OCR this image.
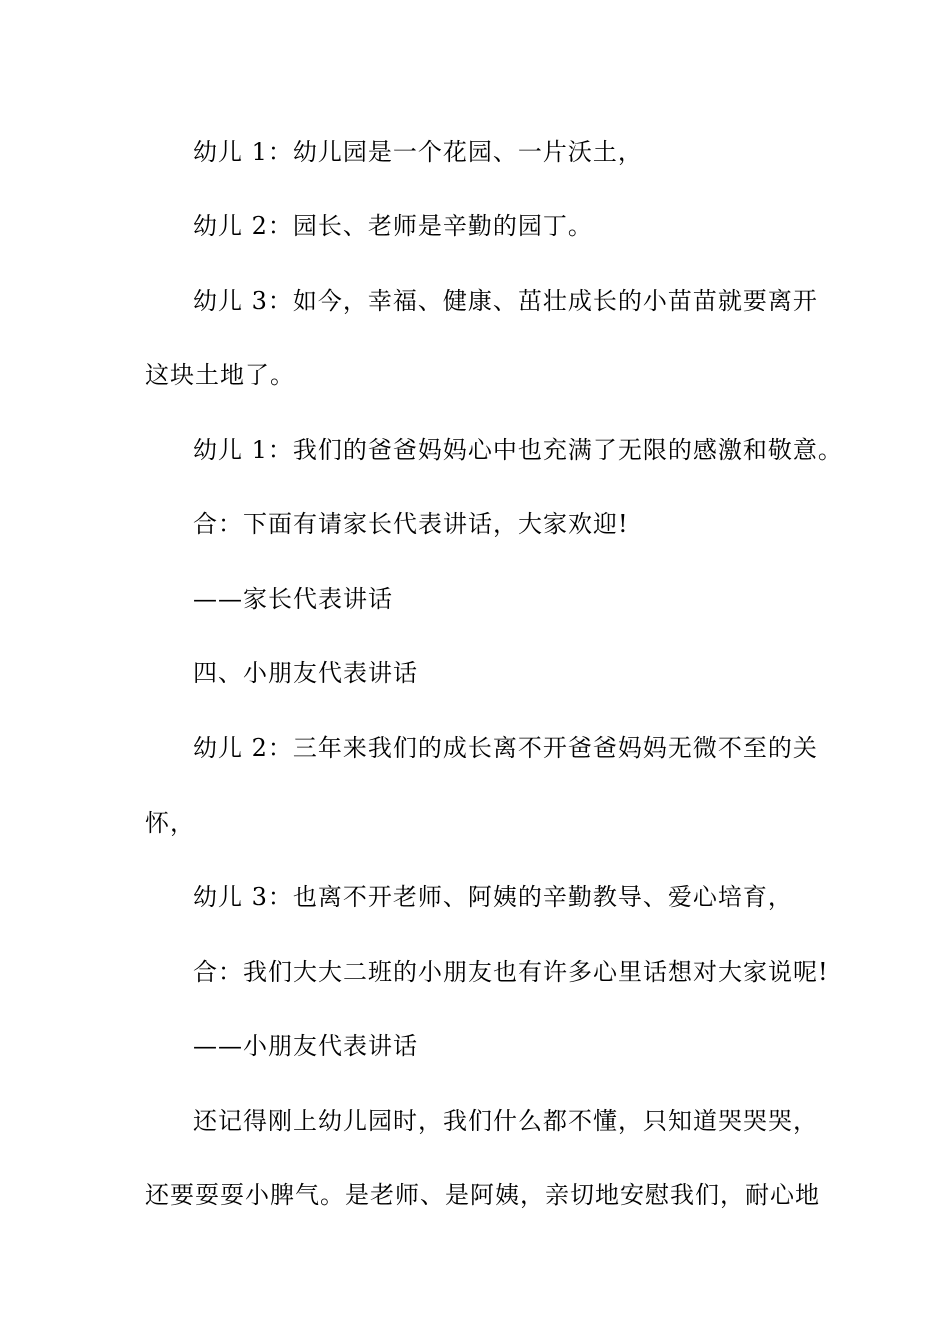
幼儿 1：幼儿园是一个花园、一片沃土，
幼儿 2：园长、老师是辛勤的园丁。
幼儿 3：如今，幸福、健康、茁壮成长的小苗苗就要离开
这块土地了。
幼儿 1：我们的爸爸妈妈心中也充满了无限的感激和敬意。
合：下面有请家长代表讲话，大家欢迎!
——家长代表讲话
四、小朋友代表讲话
幼儿 2：三年来我们的成长离不开爸爸妈妈无微不至的关
怀，
幼儿 3：也离不开老师、阿姨的辛勤教导、爱心培育，
合：我们大大二班的小朋友也有许多心里话想对大家说呢!
——小朋友代表讲话
还记得刚上幼儿园时，我们什么都不懂，只知道哭哭哭，
还要耍耍小脾气。是老师、是阿姨，亲切地安慰我们，耐心地
